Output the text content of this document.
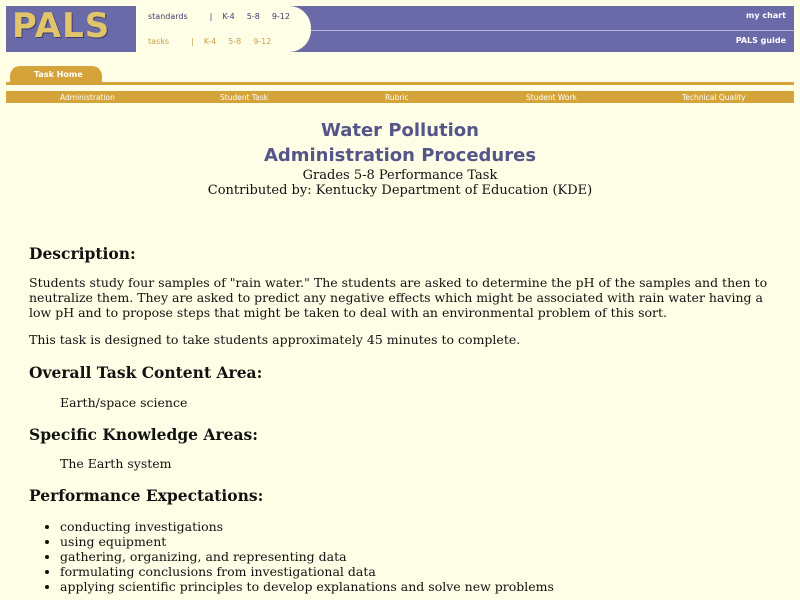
PALS	standards	| K-4 5-8 9-12
tasks	| K-4 5-8 9-12
my chart
PALS guide
Task Home
Administration	Student Task	Rubric	Student Work	Technical Quality
Water Pollution
Administration Procedures
Grades 5-8 Performance Task
Contributed by: Kentucky Department of Education (KDE)
Description:
Students study four samples of "rain water." The students are asked to determine the pH of the samples and then to neutralize them. They are asked to predict any negative effects which might be associated with rain water having a low pH and to propose steps that might be taken to deal with an environmental problem of this sort.
This task is designed to take students approximately 45 minutes to complete.
Overall Task Content Area:
Earth/space science
Specific Knowledge Areas:
The Earth system
Performance Expectations:
• conducting investigations
• using equipment
• gathering, organizing, and representing data
• formulating conclusions from investigational data
• applying scientific principles to develop explanations and solve new problems
